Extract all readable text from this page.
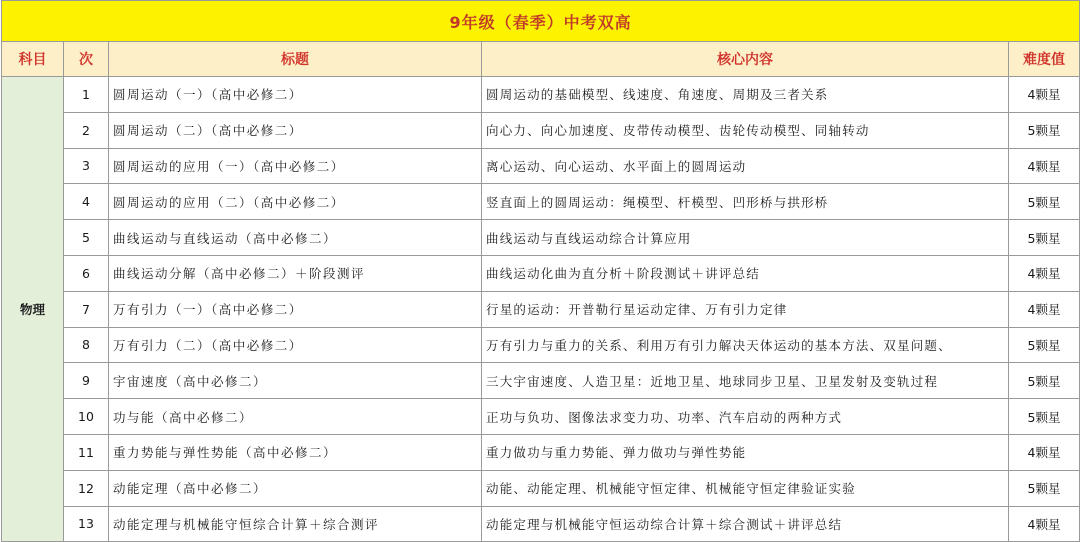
9年级（春季）中考双高				
科目	次	标题	核心内容	难度值
物理	1	圆周运动（一）（高中必修二）	圆周运动的基础模型、线速度、角速度、周期及三者关系	4颗星
	2	圆周运动（二）（高中必修二）	向心力、向心加速度、皮带传动模型、齿轮传动模型、同轴转动	5颗星
	3	圆周运动的应用（一）（高中必修二）	离心运动、向心运动、水平面上的圆周运动	4颗星
	4	圆周运动的应用（二）（高中必修二）	竖直面上的圆周运动：绳模型、杆模型、凹形桥与拱形桥	5颗星
	5	曲线运动与直线运动（高中必修二）	曲线运动与直线运动综合计算应用	5颗星
	6	曲线运动分解（高中必修二）＋阶段测评	曲线运动化曲为直分析＋阶段测试＋讲评总结	4颗星
	7	万有引力（一）（高中必修二）	行星的运动：开普勒行星运动定律、万有引力定律	4颗星
	8	万有引力（二）（高中必修二）	万有引力与重力的关系、利用万有引力解决天体运动的基本方法、双星问题、	5颗星
	9	宇宙速度（高中必修二）	三大宇宙速度、人造卫星：近地卫星、地球同步卫星、卫星发射及变轨过程	5颗星
	10	功与能（高中必修二）	正功与负功、图像法求变力功、功率、汽车启动的两种方式	5颗星
	11	重力势能与弹性势能（高中必修二）	重力做功与重力势能、弹力做功与弹性势能	4颗星
	12	动能定理（高中必修二）	动能、动能定理、机械能守恒定律、机械能守恒定律验证实验	5颗星
	13	动能定理与机械能守恒综合计算＋综合测评	动能定理与机械能守恒运动综合计算＋综合测试＋讲评总结	4颗星
